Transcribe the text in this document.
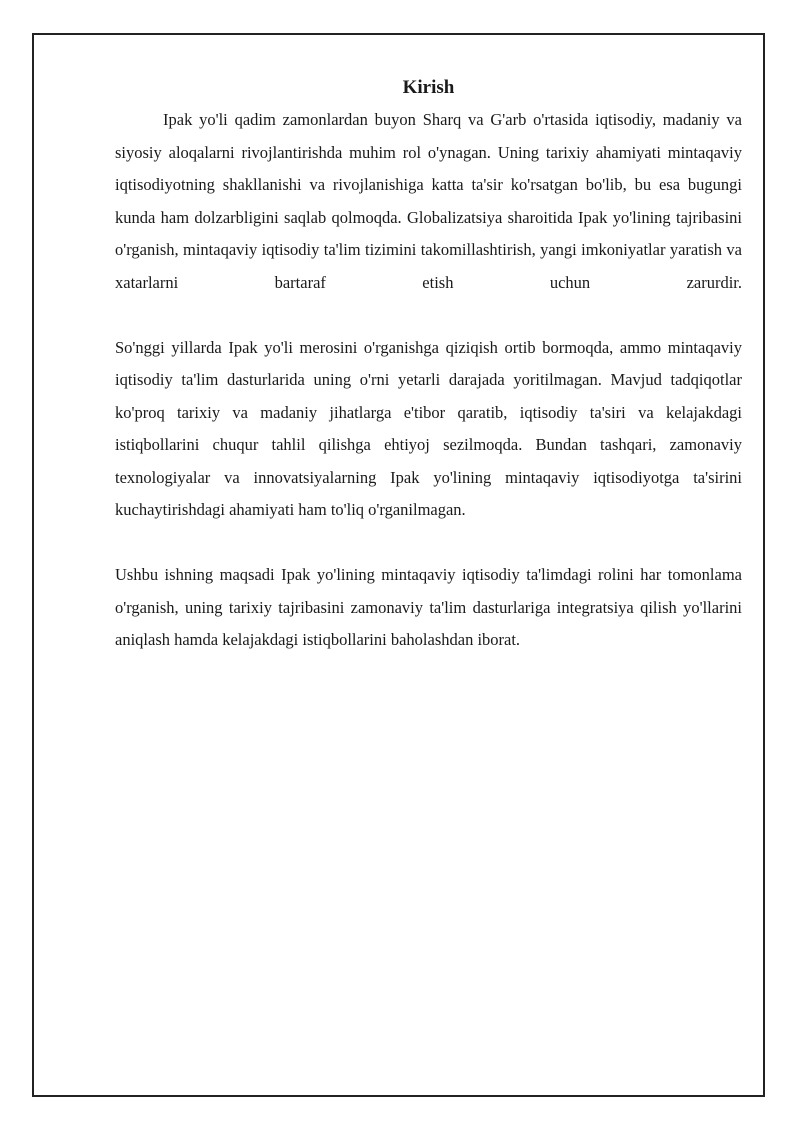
Kirish

Ipak yo'li qadim zamonlardan buyon Sharq va G'arb o'rtasida iqtisodiy, madaniy va siyosiy aloqalarni rivojlantirishda muhim rol o'ynagan. Uning tarixiy ahamiyati mintaqaviy iqtisodiyotning shakllanishi va rivojlanishiga katta ta'sir ko'rsatgan bo'lib, bu esa bugungi kunda ham dolzarbligini saqlab qolmoqda. Globalizatsiya sharoitida Ipak yo'lining tajribasini o'rganish, mintaqaviy iqtisodiy ta'lim tizimini takomillashtirish, yangi imkoniyatlar yaratish va xatarlarni bartaraf etish uchun zarurdir.

So'nggi yillarda Ipak yo'li merosini o'rganishga qiziqish ortib bormoqda, ammo mintaqaviy iqtisodiy ta'lim dasturlarida uning o'rni yetarli darajada yoritilmagan. Mavjud tadqiqotlar ko'proq tarixiy va madaniy jihatlarga e'tibor qaratib, iqtisodiy ta'siri va kelajakdagi istiqbollarini chuqur tahlil qilishga ehtiyoj sezilmoqda. Bundan tashqari, zamonaviy texnologiyalar va innovatsiyalarning Ipak yo'lining mintaqaviy iqtisodiyotga ta'sirini kuchaytirishdagi ahamiyati ham to'liq o'rganilmagan.

Ushbu ishning maqsadi Ipak yo'lining mintaqaviy iqtisodiy ta'limdagi rolini har tomonlama o'rganish, uning tarixiy tajribasini zamonaviy ta'lim dasturlariga integratsiya qilish yo'llarini aniqlash hamda kelajakdagi istiqbollarini baholashdan iborat.
